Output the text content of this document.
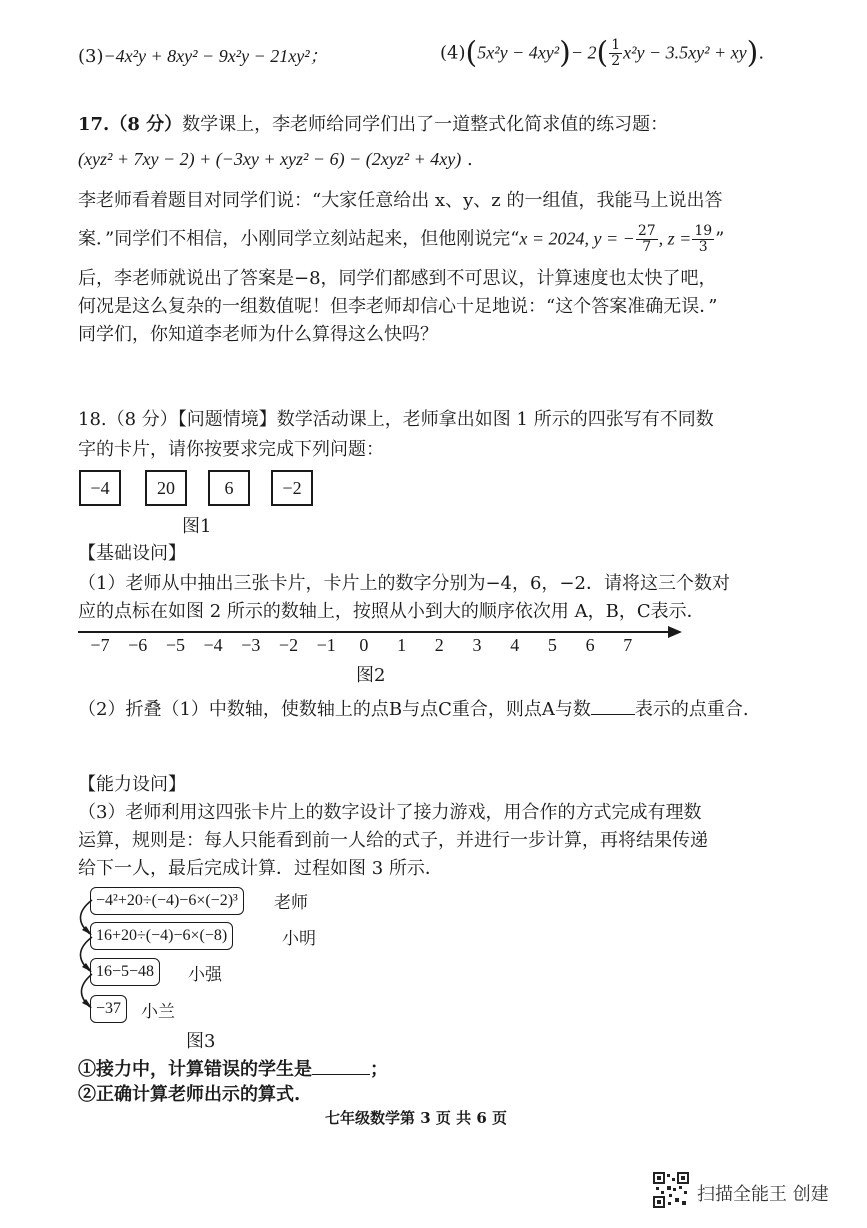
(3)−4x²y + 8xy² − 9x²y − 21xy²；	$(4)(5x^2y - 4xy^2)- 2( \frac{1}{2} x^2y - 3.5xy^2 + xy)$.
17.（8 分）数学课上，李老师给同学们出了一道整式化简求值的练习题：
(xyz² + 7xy − 2) + (−3xy + xyz² − 6) − (2xyz² + 4xy) .
李老师看着题目对同学们说：“大家任意给出 x、y、z 的一组值，我能马上说出答
案．”同学们不相信，小刚同学立刻站起来，但他刚说完“x = 2024, y = − $\frac{27}{7}$ , $z = \frac{19}{3}$ ”
后，李老师就说出了答案是−8，同学们都感到不可思议，计算速度也太快了吧，
何况是这么复杂的一组数值呢！但李老师却信心十足地说：“这个答案准确无误．”
同学们，你知道李老师为什么算得这么快吗？
18.（8 分）【问题情境】数学活动课上，老师拿出如图 1 所示的四张写有不同数
字的卡片，请你按要求完成下列问题：
−4	20	6	−2
图1
【基础设问】
（1）老师从中抽出三张卡片，卡片上的数字分别为−4，6，−2．请将这三个数对
应的点标在如图 2 所示的数轴上，按照从小到大的顺序依次用 A，B，C表示．
−7	−6	−5	−4	−3	−2	−1	0	1	2	3	4	5	6	7
图2
（2）折叠（1）中数轴，使数轴上的点B与点C重合，则点A与数 表示的点重合.
【能力设问】
（3）老师利用这四张卡片上的数字设计了接力游戏，用合作的方式完成有理数
运算，规则是：每人只能看到前一人给的式子，并进行一步计算，再将结果传递
给下一人，最后完成计算．过程如图 3 所示．
−4²+20÷(−4)−6×(−2)³	老师
16+20÷(−4)−6×(−8)	小明
16−5−48	小强
−37	小兰
图3
①接力中，计算错误的学生是	；
②正确计算老师出示的算式.
七年级数学第 3 页 共 6 页
扫描全能王 创建
